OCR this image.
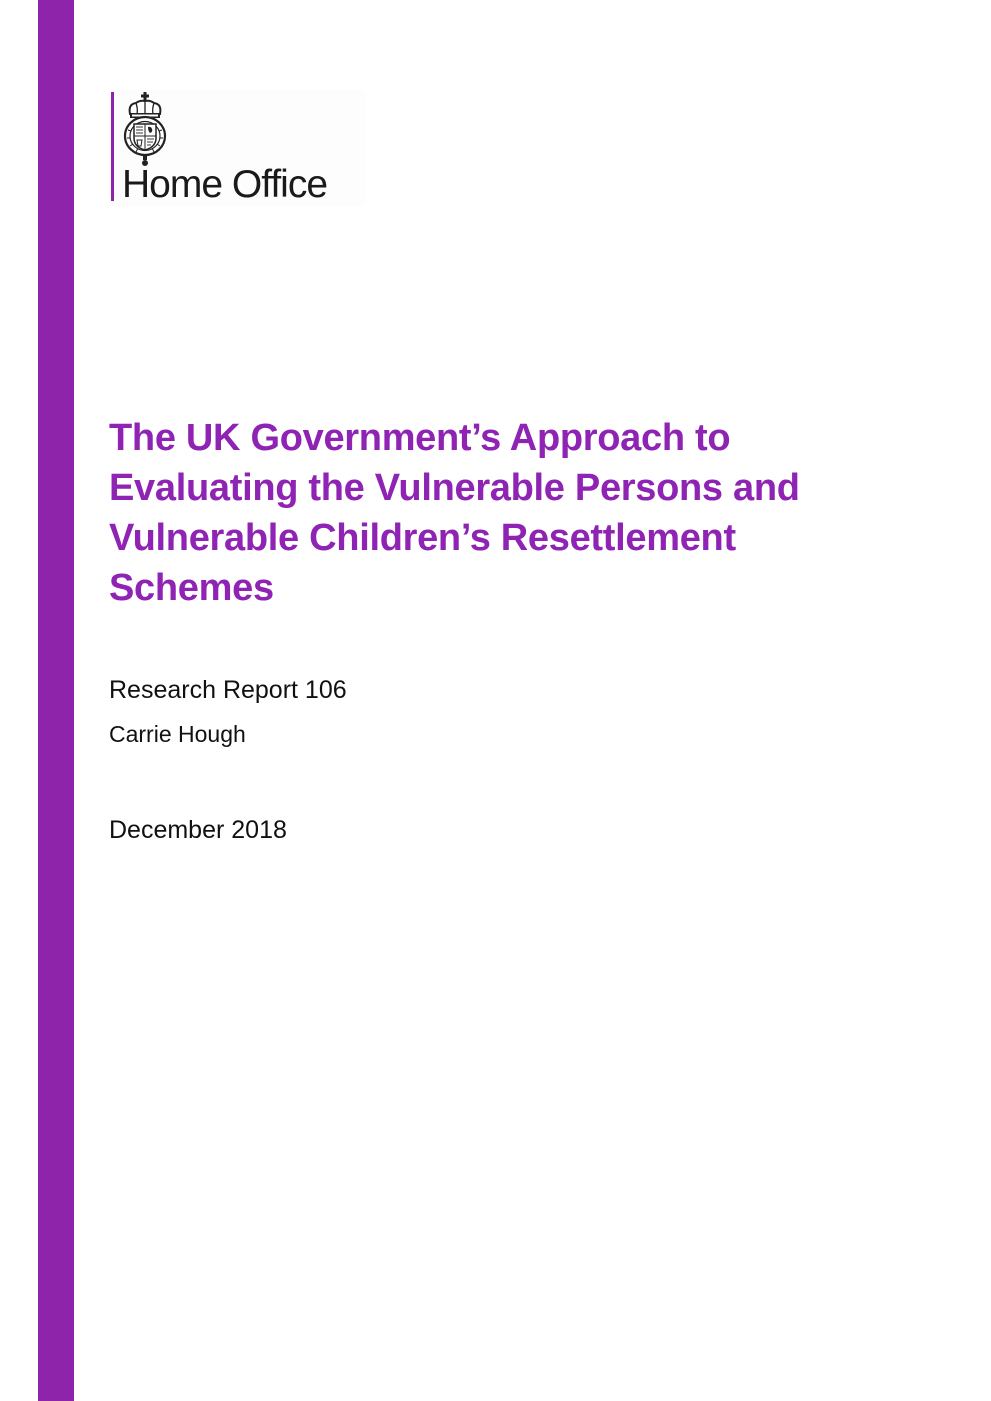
Home Office
The UK Government’s Approach to
Evaluating the Vulnerable Persons and
Vulnerable Children’s Resettlement
Schemes
Research Report 106
Carrie Hough
December 2018
